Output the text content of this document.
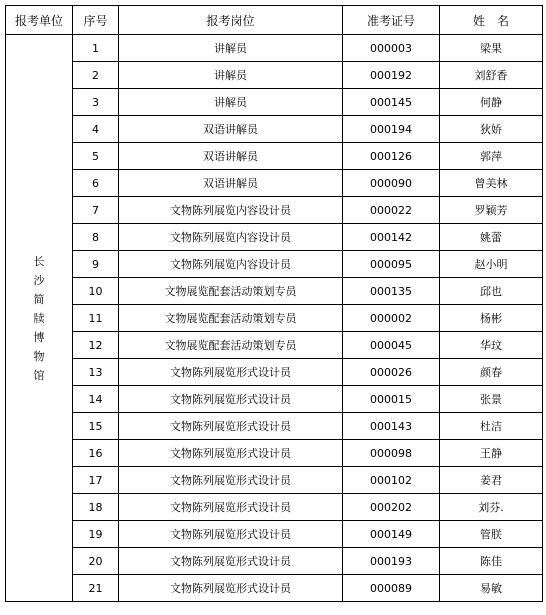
报考单位	序号	报考岗位	准考证号	姓　名
长沙简牍博物馆	1	讲解员	000003	梁果
	2	讲解员	000192	刘舒香
	3	讲解员	000145	何静
	4	双语讲解员	000194	狄娇
	5	双语讲解员	000126	郭萍
	6	双语讲解员	000090	曾美林
	7	文物陈列展览内容设计员	000022	罗颖芳
	8	文物陈列展览内容设计员	000142	姚蕾
	9	文物陈列展览内容设计员	000095	赵小明
	10	文物展览配套活动策划专员	000135	邱也
	11	文物展览配套活动策划专员	000002	杨彬
	12	文物展览配套活动策划专员	000045	华玟
	13	文物陈列展览形式设计员	000026	颜春
	14	文物陈列展览形式设计员	000015	张景
	15	文物陈列展览形式设计员	000143	杜洁
	16	文物陈列展览形式设计员	000098	王静
	17	文物陈列展览形式设计员	000102	姜君
	18	文物陈列展览形式设计员	000202	刘芬.
	19	文物陈列展览形式设计员	000149	管朕
	20	文物陈列展览形式设计员	000193	陈佳
	21	文物陈列展览形式设计员	000089	易敏
